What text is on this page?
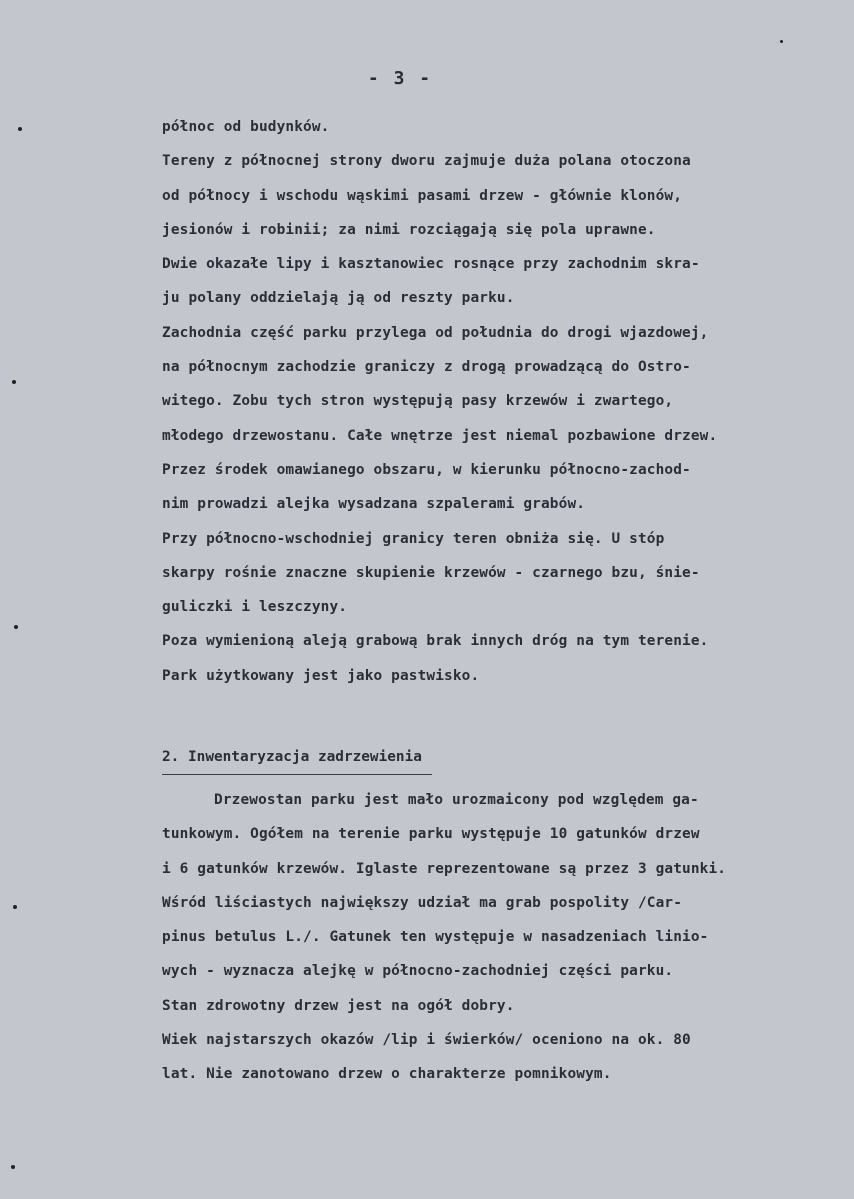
- 3 -
północ od budynków.
Tereny z północnej strony dworu zajmuje duża polana otoczona
od północy i wschodu wąskimi pasami drzew - głównie klonów,
jesionów i robinii; za nimi rozciągają się pola uprawne.
Dwie okazałe lipy i kasztanowiec rosnące przy zachodnim skra-
ju polany oddzielają ją od reszty parku.
Zachodnia część parku przylega od południa do drogi wjazdowej,
na północnym zachodzie graniczy z drogą prowadzącą do Ostro-
witego. Zobu tych stron występują pasy krzewów i zwartego,
młodego drzewostanu. Całe wnętrze jest niemal pozbawione drzew.
Przez środek omawianego obszaru, w kierunku północno-zachod-
nim prowadzi alejka wysadzana szpalerami grabów.
Przy północno-wschodniej granicy teren obniża się. U stóp
skarpy rośnie znaczne skupienie krzewów - czarnego bzu, śnie-
guliczki i leszczyny.
Poza wymienioną aleją grabową brak innych dróg na tym terenie.
Park użytkowany jest jako pastwisko.
2. Inwentaryzacja zadrzewienia
Drzewostan parku jest mało urozmaicony pod względem ga-
tunkowym. Ogółem na terenie parku występuje 10 gatunków drzew
i 6 gatunków krzewów. Iglaste reprezentowane są przez 3 gatunki.
Wśród liściastych największy udział ma grab pospolity /Car-
pinus betulus L./. Gatunek ten występuje w nasadzeniach linio-
wych - wyznacza alejkę w północno-zachodniej części parku.
Stan zdrowotny drzew jest na ogół dobry.
Wiek najstarszych okazów /lip i świerków/ oceniono na ok. 80
lat. Nie zanotowano drzew o charakterze pomnikowym.
